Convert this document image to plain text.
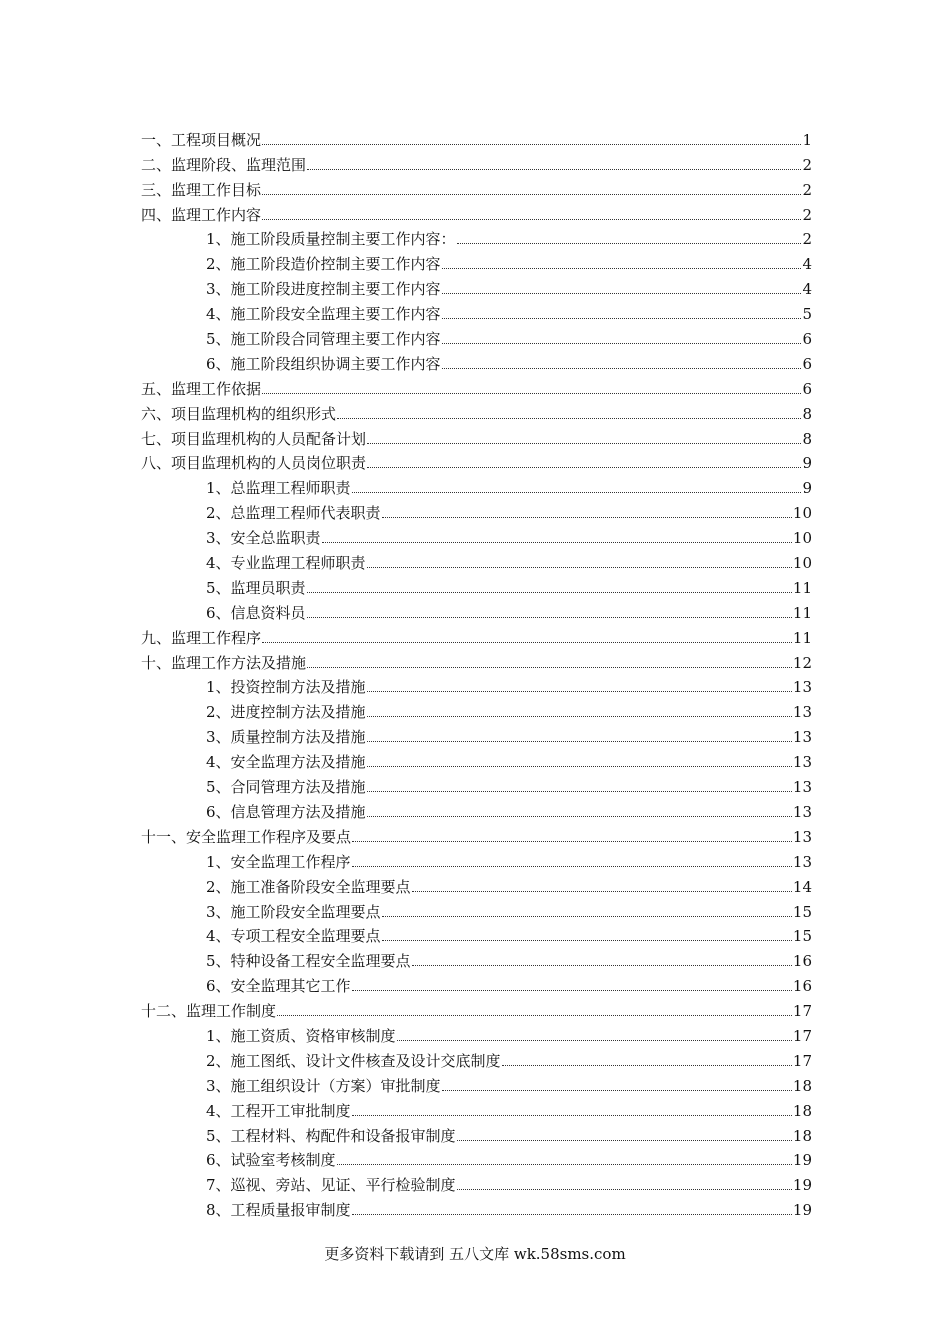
一、 工程项目概况	1
二、 监理阶段、监理范围	2
三、 监理工作目标	2
四、 监理工作内容	2
1、 施工阶段质量控制主要工作内容：	2
2、 施工阶段造价控制主要工作内容	4
3、 施工阶段进度控制主要工作内容	4
4、 施工阶段安全监理主要工作内容	5
5、 施工阶段合同管理主要工作内容	6
6、 施工阶段组织协调主要工作内容	6
五、 监理工作依据	6
六、 项目监理机构的组织形式	8
七、 项目监理机构的人员配备计划	8
八、 项目监理机构的人员岗位职责	9
1、 总监理工程师职责	9
2、 总监理工程师代表职责	10
3、 安全总监职责	10
4、 专业监理工程师职责	10
5、 监理员职责	11
6、 信息资料员	11
九、 监理工作程序	11
十、 监理工作方法及措施	12
1、 投资控制方法及措施	13
2、 进度控制方法及措施	13
3、 质量控制方法及措施	13
4、 安全监理方法及措施	13
5、 合同管理方法及措施	13
6、 信息管理方法及措施	13
十一、 安全监理工作程序及要点	13
1、 安全监理工作程序	13
2、 施工准备阶段安全监理要点	14
3、 施工阶段安全监理要点	15
4、 专项工程安全监理要点	15
5、 特种设备工程安全监理要点	16
6、 安全监理其它工作	16
十二、 监理工作制度	17
1、 施工资质、资格审核制度	17
2、 施工图纸、设计文件核查及设计交底制度	17
3、 施工组织设计（方案）审批制度	18
4、 工程开工审批制度	18
5、 工程材料、构配件和设备报审制度	18
6、 试验室考核制度	19
7、 巡视、旁站、见证、平行检验制度	19
8、 工程质量报审制度	19
更多资料下载请到 五八文库 wk.58sms.com
